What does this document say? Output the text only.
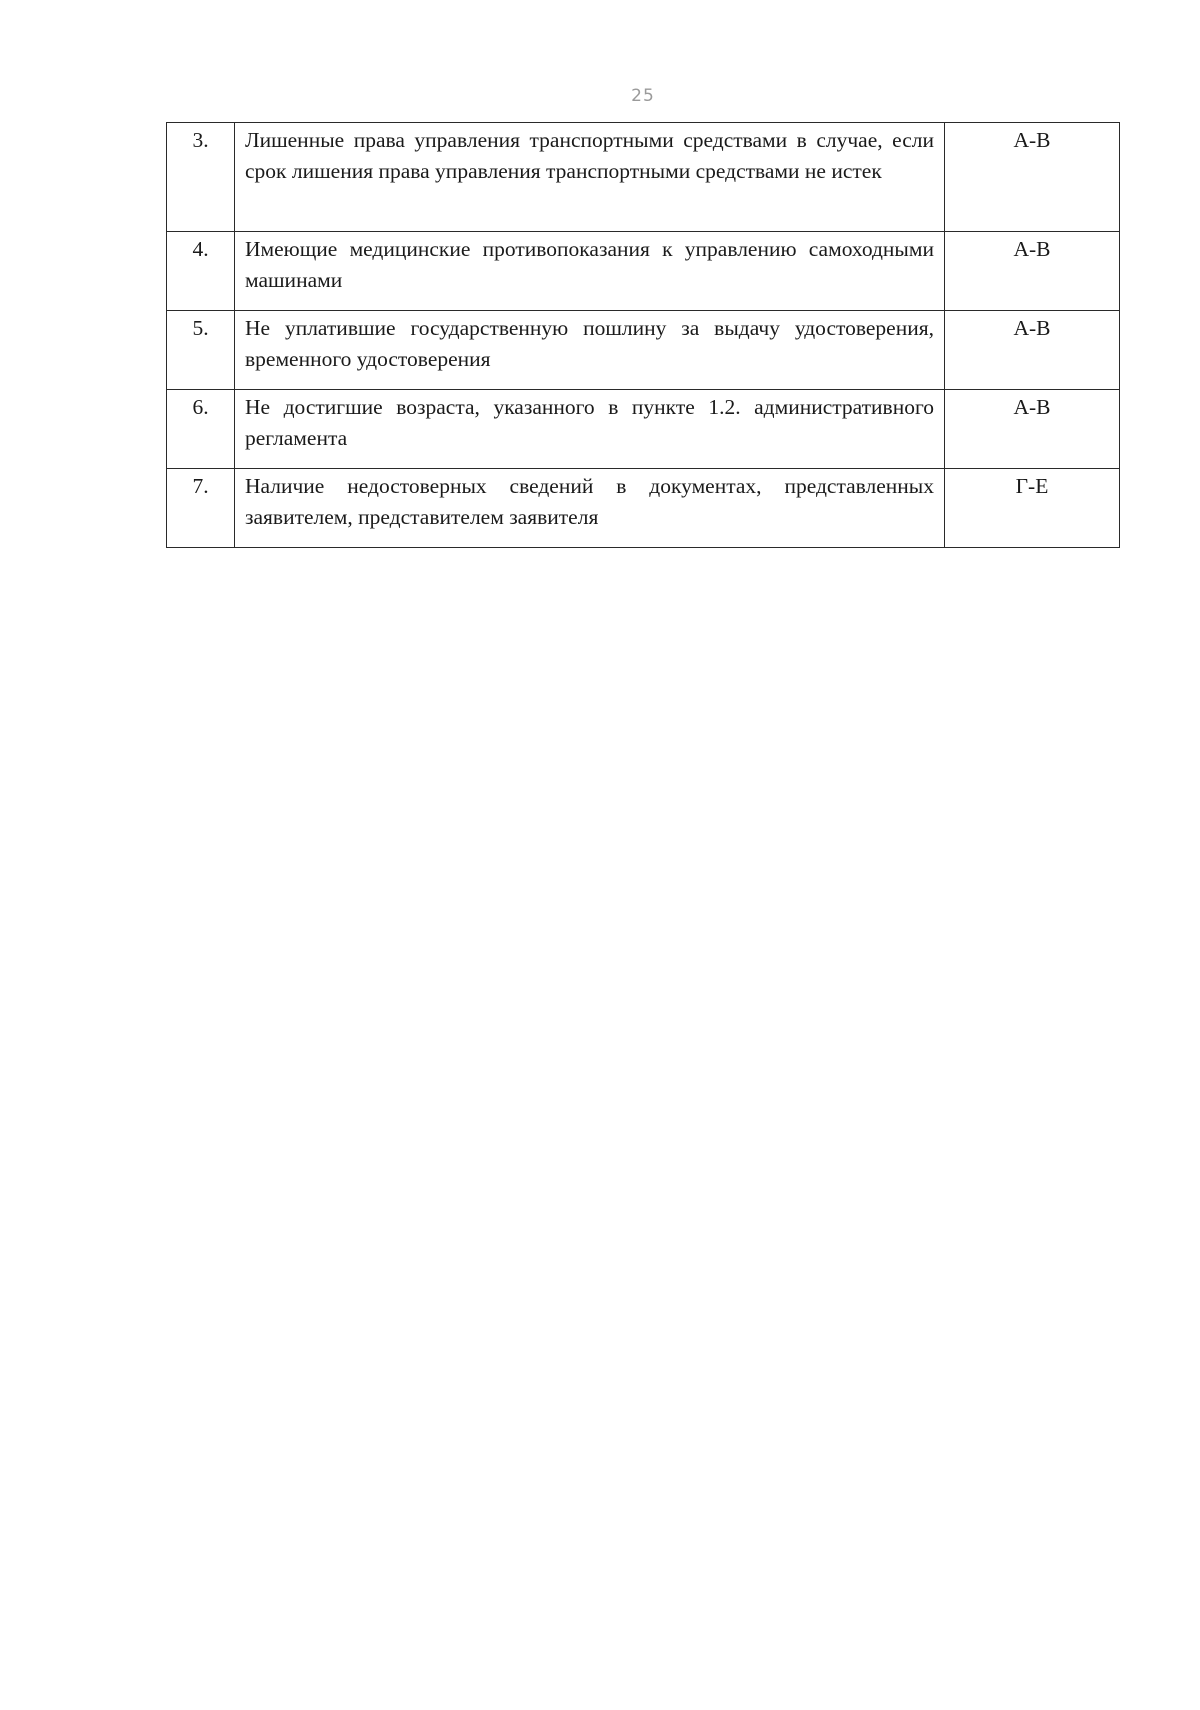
25
3.	Лишенные права управления транспортными средствами в случае, если срок лишения права управления транспортными средствами не истек	А-В
4.	Имеющие медицинские противопоказания к управлению самоходными машинами	А-В
5.	Не уплатившие государственную пошлину за выдачу удостоверения, временного удостоверения	А-В
6.	Не достигшие возраста, указанного в пункте 1.2. административного регламента	А-В
7.	Наличие недостоверных сведений в документах, представленных заявителем, представителем заявителя	Г-Е
